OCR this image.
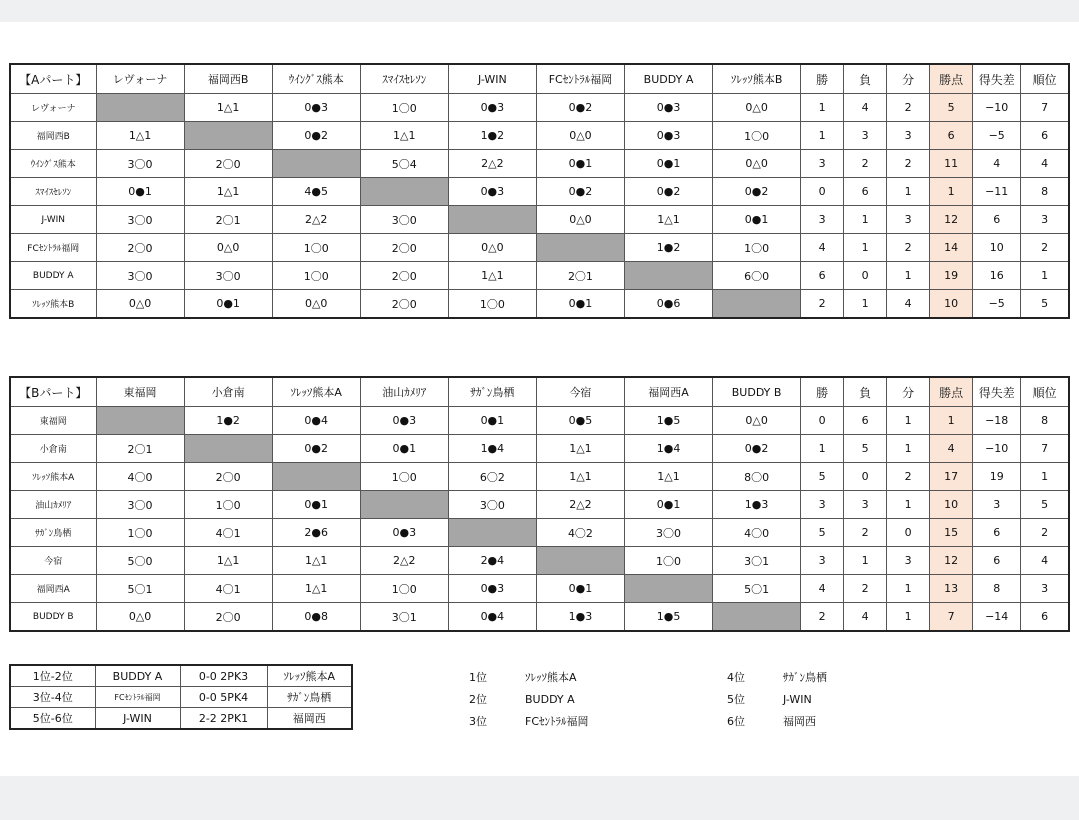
【Aパート】	レヴォーナ	福岡西B	ｳｲﾝｸﾞｽ熊本	ｽﾏｲｽｾﾚｿﾝ	J-WIN	FCｾﾝﾄﾗﾙ福岡	BUDDY A	ｿﾚｯｿ熊本B	勝	負	分	勝点	得失差	順位
レヴォーナ		1△1	0●3	1〇0	0●3	0●2	0●3	0△0	1	4	2	5	−10	7
福岡西B	1△1		0●2	1△1	1●2	0△0	0●3	1〇0	1	3	3	6	−5	6
ｳｲﾝｸﾞｽ熊本	3〇0	2〇0		5〇4	2△2	0●1	0●1	0△0	3	2	2	11	4	4
ｽﾏｲｽｾﾚｿﾝ	0●1	1△1	4●5		0●3	0●2	0●2	0●2	0	6	1	1	−11	8
J-WIN	3〇0	2〇1	2△2	3〇0		0△0	1△1	0●1	3	1	3	12	6	3
FCｾﾝﾄﾗﾙ福岡	2〇0	0△0	1〇0	2〇0	0△0		1●2	1〇0	4	1	2	14	10	2
BUDDY A	3〇0	3〇0	1〇0	2〇0	1△1	2〇1		6〇0	6	0	1	19	16	1
ｿﾚｯｿ熊本B	0△0	0●1	0△0	2〇0	1〇0	0●1	0●6		2	1	4	10	−5	5
【Bパート】	東福岡	小倉南	ｿﾚｯｿ熊本A	油山ｶﾒﾘｱ	ｻｶﾞﾝ鳥栖	今宿	福岡西A	BUDDY B	勝	負	分	勝点	得失差	順位
東福岡		1●2	0●4	0●3	0●1	0●5	1●5	0△0	0	6	1	1	−18	8
小倉南	2〇1		0●2	0●1	1●4	1△1	1●4	0●2	1	5	1	4	−10	7
ｿﾚｯｿ熊本A	4〇0	2〇0		1〇0	6〇2	1△1	1△1	8〇0	5	0	2	17	19	1
油山ｶﾒﾘｱ	3〇0	1〇0	0●1		3〇0	2△2	0●1	1●3	3	3	1	10	3	5
ｻｶﾞﾝ鳥栖	1〇0	4〇1	2●6	0●3		4〇2	3〇0	4〇0	5	2	0	15	6	2
今宿	5〇0	1△1	1△1	2△2	2●4		1〇0	3〇1	3	1	3	12	6	4
福岡西A	5〇1	4〇1	1△1	1〇0	0●3	0●1		5〇1	4	2	1	13	8	3
BUDDY B	0△0	2〇0	0●8	3〇1	0●4	1●3	1●5		2	4	1	7	−14	6
1位-2位	BUDDY A	0-0 2PK3	ｿﾚｯｿ熊本A
3位-4位	FCｾﾝﾄﾗﾙ福岡	0-0 5PK4	ｻｶﾞﾝ鳥栖
5位-6位	J-WIN	2-2 2PK1	福岡西
1位	ｿﾚｯｿ熊本A
2位	BUDDY A
3位	FCｾﾝﾄﾗﾙ福岡
4位	ｻｶﾞﾝ鳥栖
5位	J-WIN
6位	福岡西
